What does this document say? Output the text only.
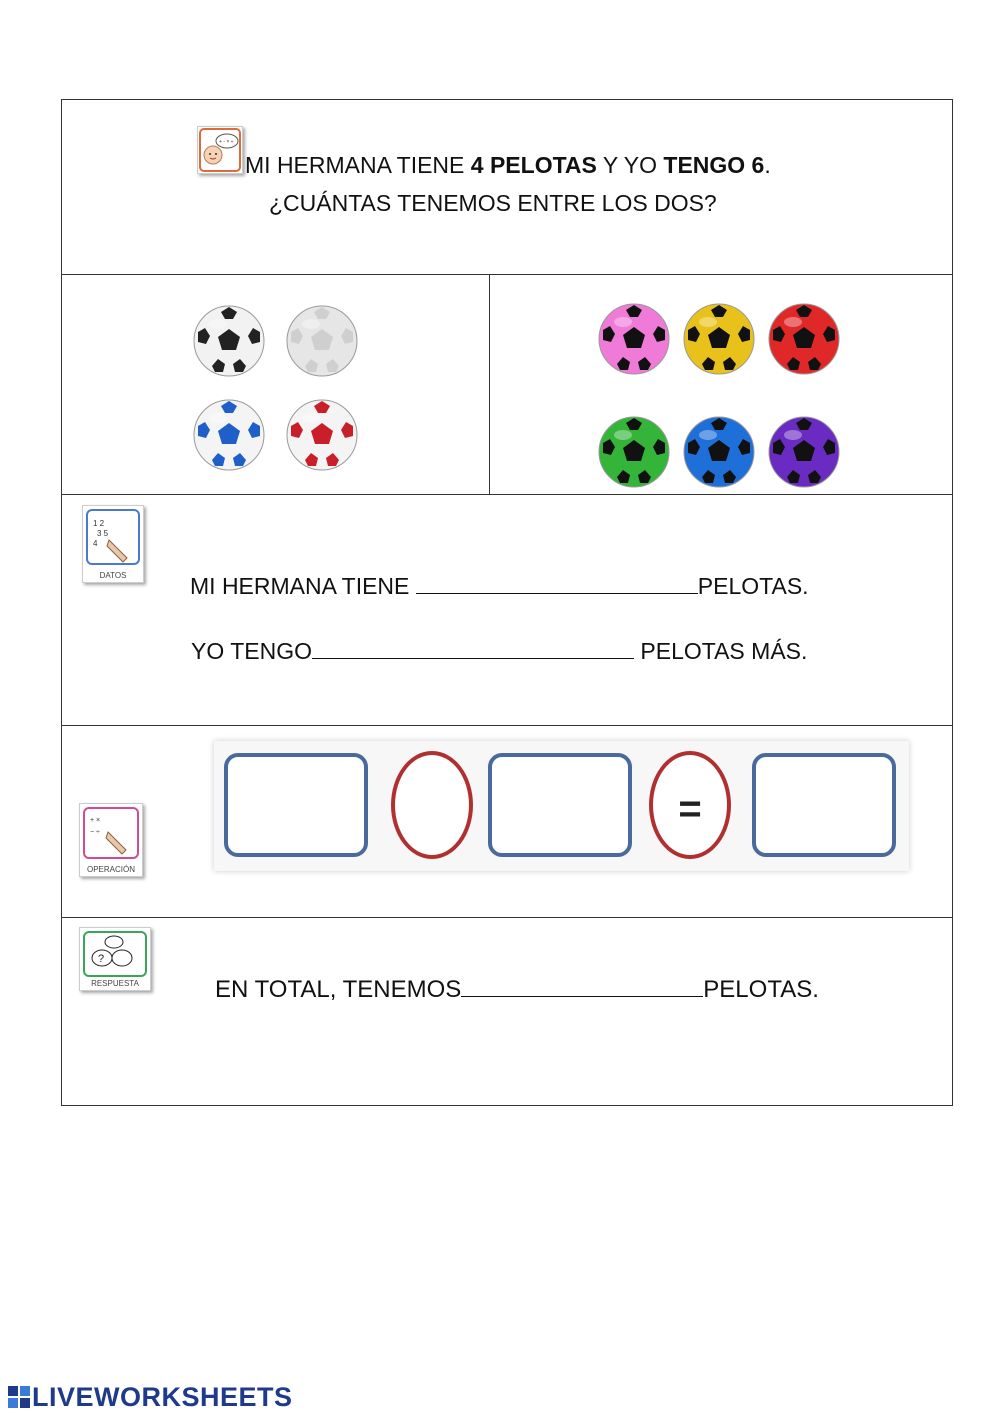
+ - × ÷
MI HERMANA TIENE 4 PELOTAS Y YO TENGO 6.
¿CUÁNTAS TENEMOS ENTRE LOS DOS?
1 2
3 5
4
DATOS	MI HERMANA TIENE	PELOTAS.
YO TENGO	PELOTAS MÁS.
+ ×
− ÷
OPERACIÓN
=
?
RESPUESTA	EN TOTAL, TENEMOS	PELOTAS.
LIVEWORKSHEETS
